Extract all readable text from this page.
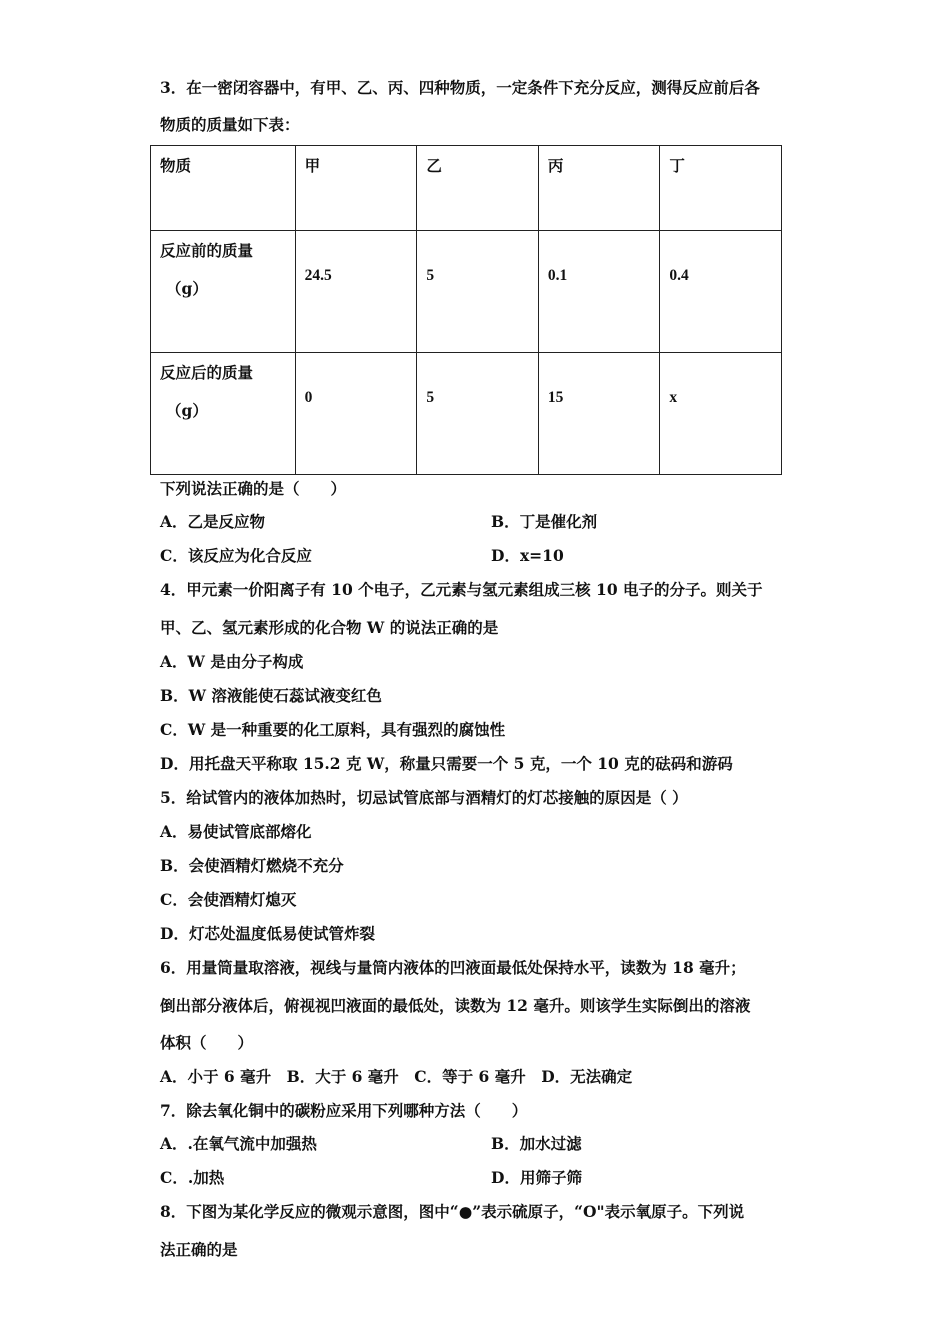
3．在一密闭容器中，有甲、乙、丙、四种物质，一定条件下充分反应，测得反应前后各
物质的质量如下表：
物质	甲	乙	丙	丁
反应前的质量
（g）	24.5	5	0.1	0.4

反应后的质量
（g）	0	5	15	x
下列说法正确的是（　　）
A．乙是反应物	B．丁是催化剂
C．该反应为化合反应	D．x=10
4．甲元素一价阳离子有 10 个电子，乙元素与氢元素组成三核 10 电子的分子。则关于
甲、乙、氢元素形成的化合物 W 的说法正确的是
A．W 是由分子构成
B．W 溶液能使石蕊试液变红色
C．W 是一种重要的化工原料，具有强烈的腐蚀性
D．用托盘天平称取 15.2 克 W，称量只需要一个 5 克，一个 10 克的砝码和游码
5．给试管内的液体加热时，切忌试管底部与酒精灯的灯芯接触的原因是（ ）
A．易使试管底部熔化
B．会使酒精灯燃烧不充分
C．会使酒精灯熄灭
D．灯芯处温度低易使试管炸裂
6．用量筒量取溶液，视线与量筒内液体的凹液面最低处保持水平，读数为 18 毫升；
倒出部分液体后，俯视视凹液面的最低处，读数为 12 毫升。则该学生实际倒出的溶液
体积（　　）
A．小于 6 毫升　B．大于 6 毫升　C．等于 6 毫升　D．无法确定
7．除去氧化铜中的碳粉应采用下列哪种方法（　　）
A．.在氧气流中加强热	B．加水过滤
C．.加热	D．用筛子筛
8．下图为某化学反应的微观示意图，图中“●”表示硫原子，“O"表示氧原子。下列说
法正确的是
